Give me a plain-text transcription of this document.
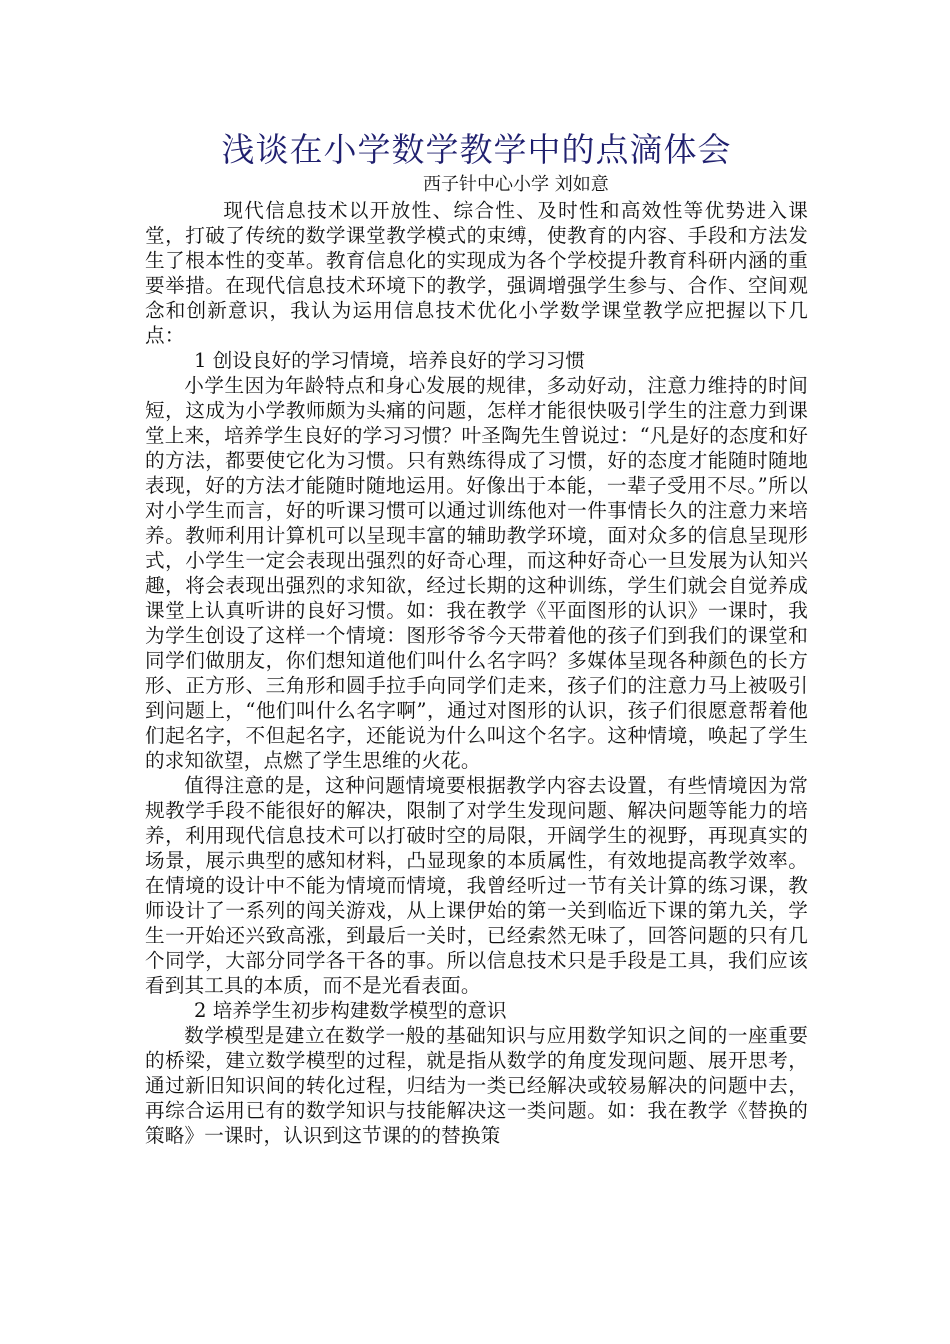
浅谈在小学数学教学中的点滴体会

西子针中心小学 刘如意

现代信息技术以开放性、综合性、及时性和高效性等优势进入课堂，打破了传统的数学课堂教学模式的束缚，使教育的内容、手段和方法发生了根本性的变革。教育信息化的实现成为各个学校提升教育科研内涵的重要举措。在现代信息技术环境下的教学，强调增强学生参与、合作、空间观念和创新意识，我认为运用信息技术优化小学数学课堂教学应把握以下几点：

1 创设良好的学习情境，培养良好的学习习惯

小学生因为年龄特点和身心发展的规律，多动好动，注意力维持的时间短，这成为小学教师颇为头痛的问题，怎样才能很快吸引学生的注意力到课堂上来，培养学生良好的学习习惯？叶圣陶先生曾说过：“凡是好的态度和好的方法，都要使它化为习惯。只有熟练得成了习惯，好的态度才能随时随地表现，好的方法才能随时随地运用。好像出于本能，一辈子受用不尽。”所以对小学生而言，好的听课习惯可以通过训练他对一件事情长久的注意力来培养。教师利用计算机可以呈现丰富的辅助教学环境，面对众多的信息呈现形式，小学生一定会表现出强烈的好奇心理，而这种好奇心一旦发展为认知兴趣，将会表现出强烈的求知欲，经过长期的这种训练，学生们就会自觉养成课堂上认真听讲的良好习惯。如：我在教学《平面图形的认识》一课时，我为学生创设了这样一个情境：图形爷爷今天带着他的孩子们到我们的课堂和同学们做朋友，你们想知道他们叫什么名字吗？多媒体呈现各种颜色的长方形、正方形、三角形和圆手拉手向同学们走来，孩子们的注意力马上被吸引到问题上，“他们叫什么名字啊”，通过对图形的认识，孩子们很愿意帮着他们起名字，不但起名字，还能说为什么叫这个名字。这种情境，唤起了学生的求知欲望，点燃了学生思维的火花。

值得注意的是，这种问题情境要根据教学内容去设置，有些情境因为常规教学手段不能很好的解决，限制了对学生发现问题、解决问题等能力的培养，利用现代信息技术可以打破时空的局限，开阔学生的视野，再现真实的场景，展示典型的感知材料，凸显现象的本质属性，有效地提高教学效率。在情境的设计中不能为情境而情境，我曾经听过一节有关计算的练习课，教师设计了一系列的闯关游戏，从上课伊始的第一关到临近下课的第九关，学生一开始还兴致高涨，到最后一关时，已经索然无味了，回答问题的只有几个同学，大部分同学各干各的事。所以信息技术只是手段是工具，我们应该看到其工具的本质，而不是光看表面。

2 培养学生初步构建数学模型的意识

数学模型是建立在数学一般的基础知识与应用数学知识之间的一座重要的桥梁，建立数学模型的过程，就是指从数学的角度发现问题、展开思考，通过新旧知识间的转化过程，归结为一类已经解决或较易解决的问题中去，再综合运用已有的数学知识与技能解决这一类问题。如：我在教学《替换的策略》一课时，认识到这节课的的替换策
